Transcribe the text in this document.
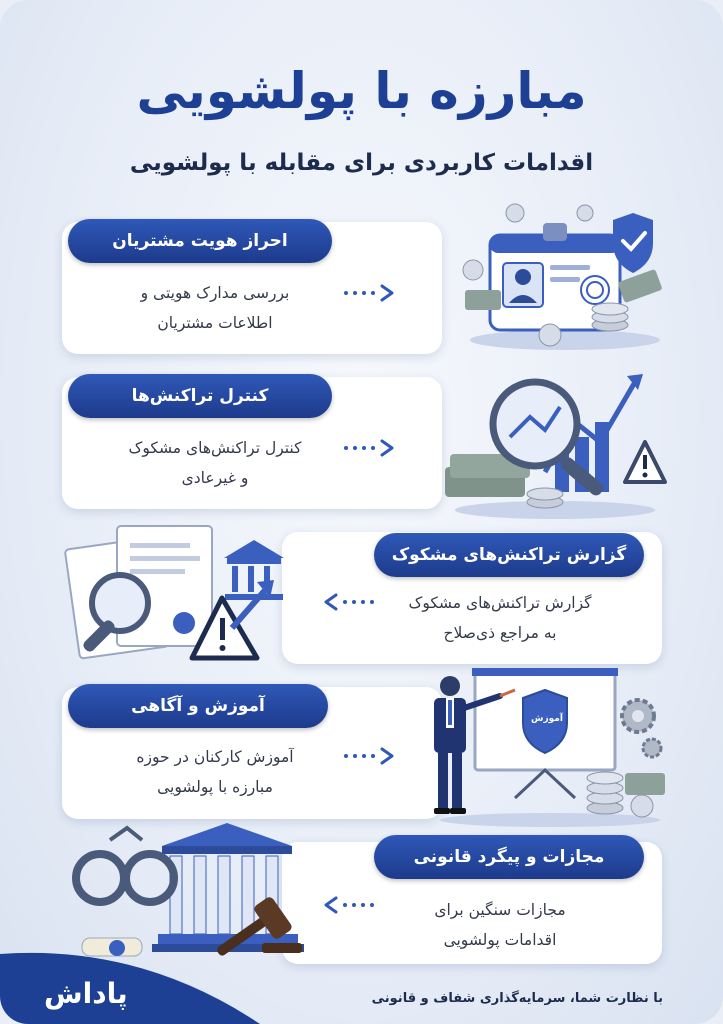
مبارزه با پولشویی
اقدامات کاربردی برای مقابله با پولشویی
احراز هویت مشتریان
بررسی مدارک هویتی و
اطلاعات مشتریان
کنترل تراکنش‌ها
کنترل تراکنش‌های مشکوک
و غیرعادی
گزارش تراکنش‌های مشکوک
گزارش تراکنش‌های مشکوک
به مراجع ذی‌صلاح
آموزش و آگاهی
آموزش کارکنان در حوزه
مبارزه با پولشویی
آموزش
مجازات و پیگرد قانونی
مجازات سنگین برای
اقدامات پولشویی
پاداش	با نظارت شما، سرمایه‌گذاری شفاف و قانونی
